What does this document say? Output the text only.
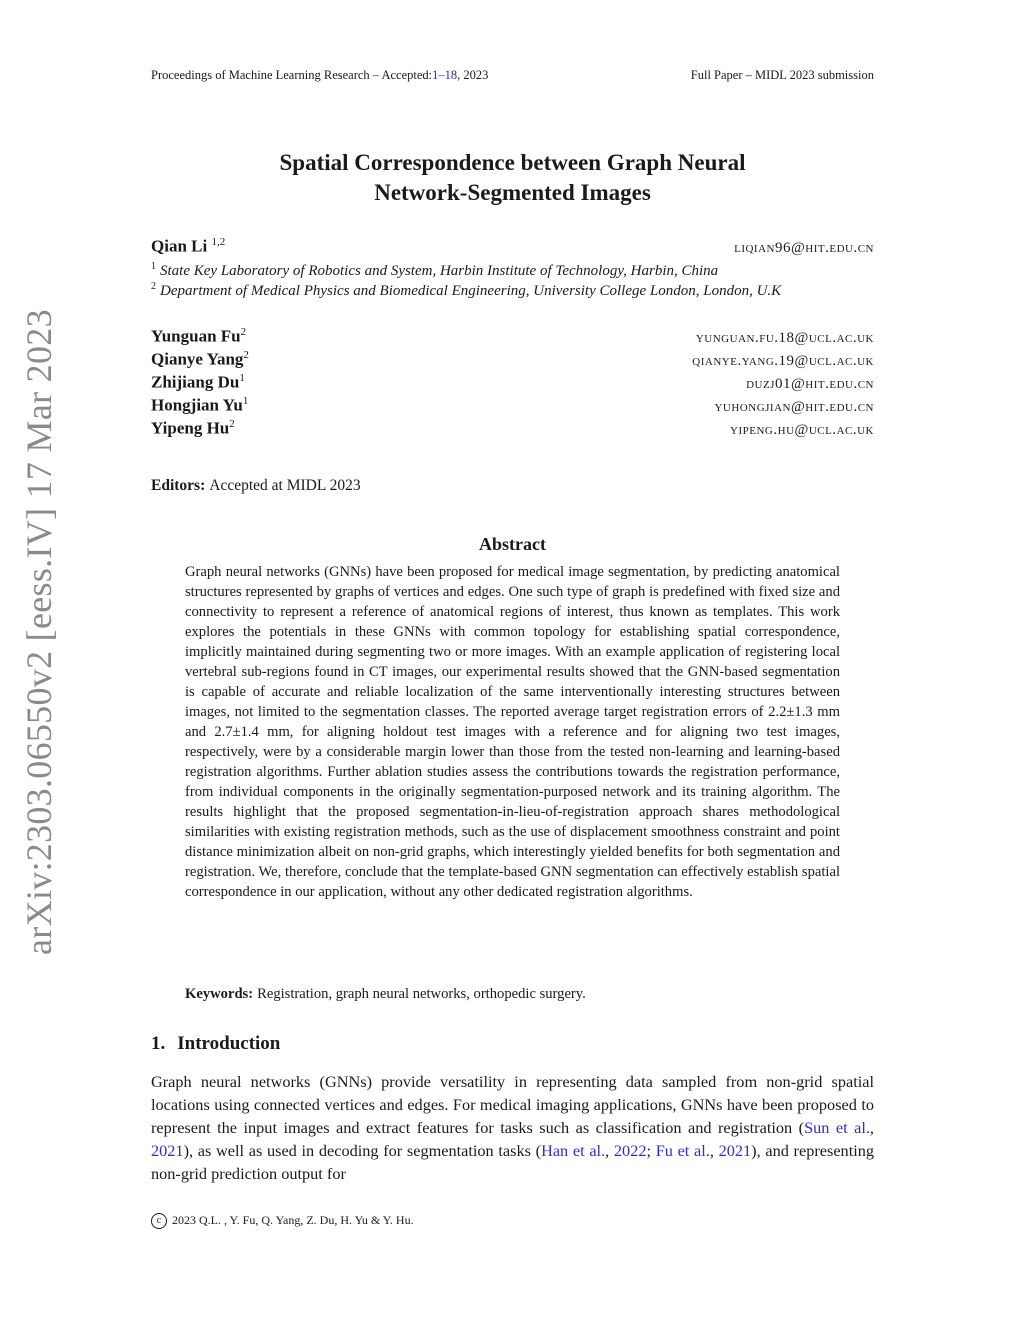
Proceedings of Machine Learning Research – Accepted:1–18, 2023	Full Paper – MIDL 2023 submission
arXiv:2303.06550v2 [eess.IV] 17 Mar 2023
Spatial Correspondence between Graph Neural
Network-Segmented Images
Qian Li $^{1,2}$	liqian96@hit.edu.cn
$^1$ State Key Laboratory of Robotics and System, Harbin Institute of Technology, Harbin, China
$^2$ Department of Medical Physics and Biomedical Engineering, University College London, London, U.K
Yunguan Fu$^2$	yunguan.fu.18@ucl.ac.uk
Qianye Yang$^2$	qianye.yang.19@ucl.ac.uk
Zhijiang Du$^1$	duzj01@hit.edu.cn
Hongjian Yu$^1$	yuhongjian@hit.edu.cn
Yipeng Hu$^2$	yipeng.hu@ucl.ac.uk
Editors: Accepted at MIDL 2023
Abstract
Graph neural networks (GNNs) have been proposed for medical image segmentation, by predicting anatomical structures represented by graphs of vertices and edges. One such type of graph is predefined with fixed size and connectivity to represent a reference of anatomical regions of interest, thus known as templates. This work explores the potentials in these GNNs with common topology for establishing spatial correspondence, implicitly maintained during segmenting two or more images. With an example application of registering local vertebral sub-regions found in CT images, our experimental results showed that the GNN-based segmentation is capable of accurate and reliable localization of the same interventionally interesting structures between images, not limited to the segmentation classes. The reported average target registration errors of 2.2±1.3 mm and 2.7±1.4 mm, for aligning holdout test images with a reference and for aligning two test images, respectively, were by a considerable margin lower than those from the tested non-learning and learning-based registration algorithms. Further ablation studies assess the contributions towards the registration performance, from individual components in the originally segmentation-purposed network and its training algorithm. The results highlight that the proposed segmentation-in-lieu-of-registration approach shares methodological similarities with existing registration methods, such as the use of displacement smoothness constraint and point distance minimization albeit on non-grid graphs, which interestingly yielded benefits for both segmentation and registration. We, therefore, conclude that the template-based GNN segmentation can effectively establish spatial correspondence in our application, without any other dedicated registration algorithms.
Keywords: Registration, graph neural networks, orthopedic surgery.
1. Introduction
Graph neural networks (GNNs) provide versatility in representing data sampled from non-grid spatial locations using connected vertices and edges. For medical imaging applications, GNNs have been proposed to represent the input images and extract features for tasks such as classification and registration (Sun et al., 2021), as well as used in decoding for segmentation tasks (Han et al., 2022; Fu et al., 2021), and representing non-grid prediction output for
c 2023 Q.L. , Y. Fu, Q. Yang, Z. Du, H. Yu & Y. Hu.
